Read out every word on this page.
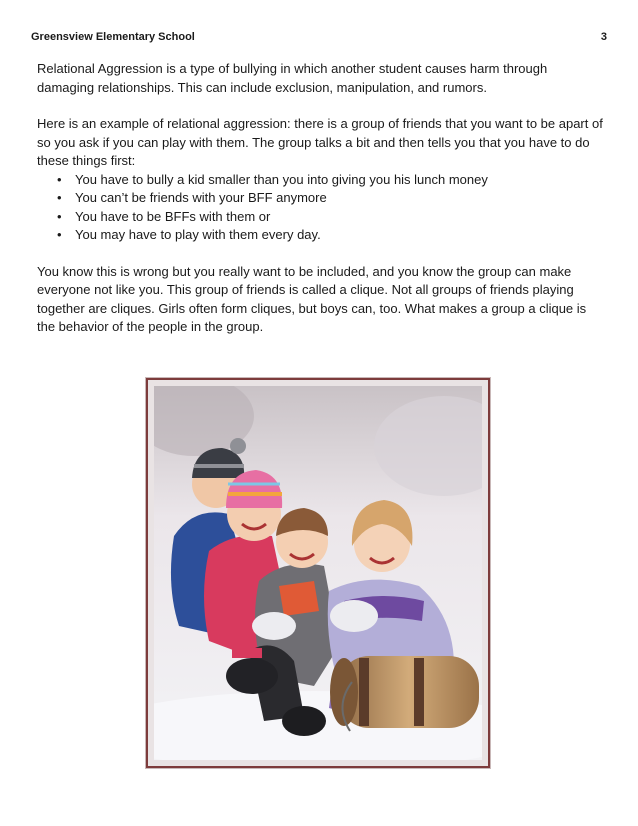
Greensview Elementary School	3

Relational Aggression is a type of bullying in which another student causes harm through damaging relationships. This can include exclusion, manipulation, and rumors.

Here is an example of relational aggression: there is a group of friends that you want to be apart of so you ask if you can play with them. The group talks a bit and then tells you that you have to do these things first:

• You have to bully a kid smaller than you into giving you his lunch money
• You can’t be friends with your BFF anymore
• You have to be BFFs with them or
• You may have to play with them every day.

You know this is wrong but you really want to be included, and you know the group can make everyone not like you. This group of friends is called a clique. Not all groups of friends playing together are cliques. Girls often form cliques, but boys can, too. What makes a group a clique is the behavior of the people in the group.
